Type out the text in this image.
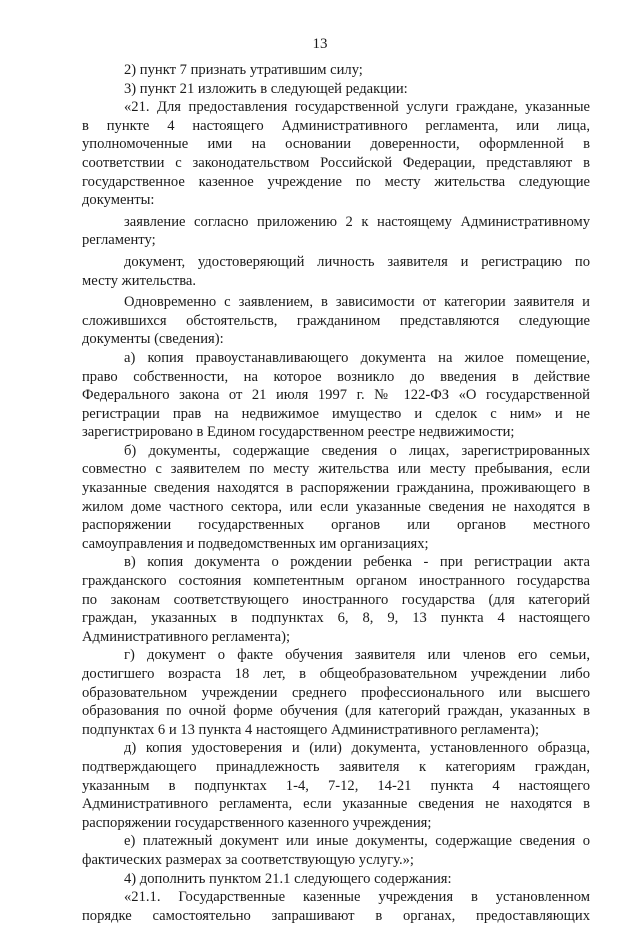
13
2) пункт 7 признать утратившим силу;
3) пункт 21 изложить в следующей редакции:
«21. Для предоставления государственной услуги граждане, указанные
в пункте 4 настоящего Административного регламента, или лица,
уполномоченные ими на основании доверенности, оформленной в
соответствии с законодательством Российской Федерации, представляют в
государственное казенное учреждение по месту жительства следующие
документы:
заявление согласно приложению 2 к настоящему Административному
регламенту;
документ, удостоверяющий личность заявителя и регистрацию по
месту жительства.
Одновременно с заявлением, в зависимости от категории заявителя и
сложившихся обстоятельств, гражданином представляются следующие
документы (сведения):
а) копия правоустанавливающего документа на жилое помещение,
право собственности, на которое возникло до введения в действие
Федерального закона от 21 июля 1997 г. № 122-ФЗ «О государственной
регистрации прав на недвижимое имущество и сделок с ним» и не
зарегистрировано в Едином государственном реестре недвижимости;
б) документы, содержащие сведения о лицах, зарегистрированных
совместно с заявителем по месту жительства или месту пребывания, если
указанные сведения находятся в распоряжении гражданина, проживающего в
жилом доме частного сектора, или если указанные сведения не находятся в
распоряжении государственных органов или органов местного
самоуправления и подведомственных им организациях;
в) копия документа о рождении ребенка - при регистрации акта
гражданского состояния компетентным органом иностранного государства
по законам соответствующего иностранного государства (для категорий
граждан, указанных в подпунктах 6, 8, 9, 13 пункта 4 настоящего
Административного регламента);
г) документ о факте обучения заявителя или членов его семьи,
достигшего возраста 18 лет, в общеобразовательном учреждении либо
образовательном учреждении среднего профессионального или высшего
образования по очной форме обучения (для категорий граждан, указанных в
подпунктах 6 и 13 пункта 4 настоящего Административного регламента);
д) копия удостоверения и (или) документа, установленного образца,
подтверждающего принадлежность заявителя к категориям граждан,
указанным в подпунктах 1-4, 7-12, 14-21 пункта 4 настоящего
Административного регламента, если указанные сведения не находятся в
распоряжении государственного казенного учреждения;
е) платежный документ или иные документы, содержащие сведения о
фактических размерах за соответствующую услугу.»;
4) дополнить пунктом 21.1 следующего содержания:
«21.1. Государственные казенные учреждения в установленном
порядке самостоятельно запрашивают в органах, предоставляющих
